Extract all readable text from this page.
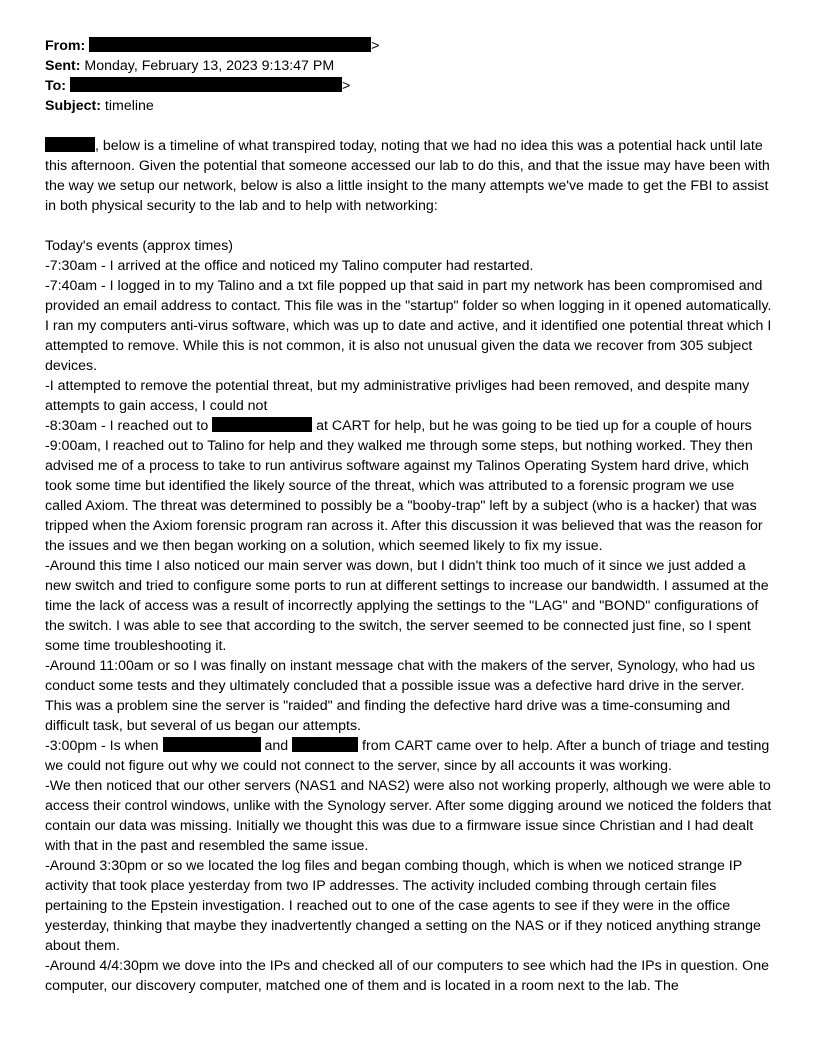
From:	>
Sent: Monday, February 13, 2023 9:13:47 PM
To:	>
Subject: timeline

, below is a timeline of what transpired today, noting that we had no idea this was a potential hack until late this afternoon. Given the potential that someone accessed our lab to do this, and that the issue may have been with the way we setup our network, below is also a little insight to the many attempts we've made to get the FBI to assist in both physical security to the lab and to help with networking:

Today's events (approx times)

-7:30am - I arrived at the office and noticed my Talino computer had restarted.

-7:40am - I logged in to my Talino and a txt file popped up that said in part my network has been compromised and provided an email address to contact. This file was in the "startup" folder so when logging in it opened automatically. I ran my computers anti-virus software, which was up to date and active, and it identified one potential threat which I attempted to remove. While this is not common, it is also not unusual given the data we recover from 305 subject devices.

-I attempted to remove the potential threat, but my administrative privliges had been removed, and despite many attempts to gain access, I could not

-8:30am - I reached out to	at CART for help, but he was going to be tied up for a couple of hours

-9:00am, I reached out to Talino for help and they walked me through some steps, but nothing worked. They then advised me of a process to take to run antivirus software against my Talinos Operating System hard drive, which took some time but identified the likely source of the threat, which was attributed to a forensic program we use called Axiom. The threat was determined to possibly be a "booby-trap" left by a subject (who is a hacker) that was tripped when the Axiom forensic program ran across it. After this discussion it was believed that was the reason for the issues and we then began working on a solution, which seemed likely to fix my issue.

-Around this time I also noticed our main server was down, but I didn't think too much of it since we just added a new switch and tried to configure some ports to run at different settings to increase our bandwidth. I assumed at the time the lack of access was a result of incorrectly applying the settings to the "LAG" and "BOND" configurations of the switch. I was able to see that according to the switch, the server seemed to be connected just fine, so I spent some time troubleshooting it.

-Around 11:00am or so I was finally on instant message chat with the makers of the server, Synology, who had us conduct some tests and they ultimately concluded that a possible issue was a defective hard drive in the server. This was a problem sine the server is "raided" and finding the defective hard drive was a time-consuming and difficult task, but several of us began our attempts.

-3:00pm - Is when	and	from CART came over to help. After a bunch of triage and testing we could not figure out why we could not connect to the server, since by all accounts it was working.

-We then noticed that our other servers (NAS1 and NAS2) were also not working properly, although we were able to access their control windows, unlike with the Synology server. After some digging around we noticed the folders that contain our data was missing. Initially we thought this was due to a firmware issue since Christian and I had dealt with that in the past and resembled the same issue.

-Around 3:30pm or so we located the log files and began combing though, which is when we noticed strange IP activity that took place yesterday from two IP addresses. The activity included combing through certain files pertaining to the Epstein investigation. I reached out to one of the case agents to see if they were in the office yesterday, thinking that maybe they inadvertently changed a setting on the NAS or if they noticed anything strange about them.

-Around 4/4:30pm we dove into the IPs and checked all of our computers to see which had the IPs in question. One computer, our discovery computer, matched one of them and is located in a room next to the lab. The
